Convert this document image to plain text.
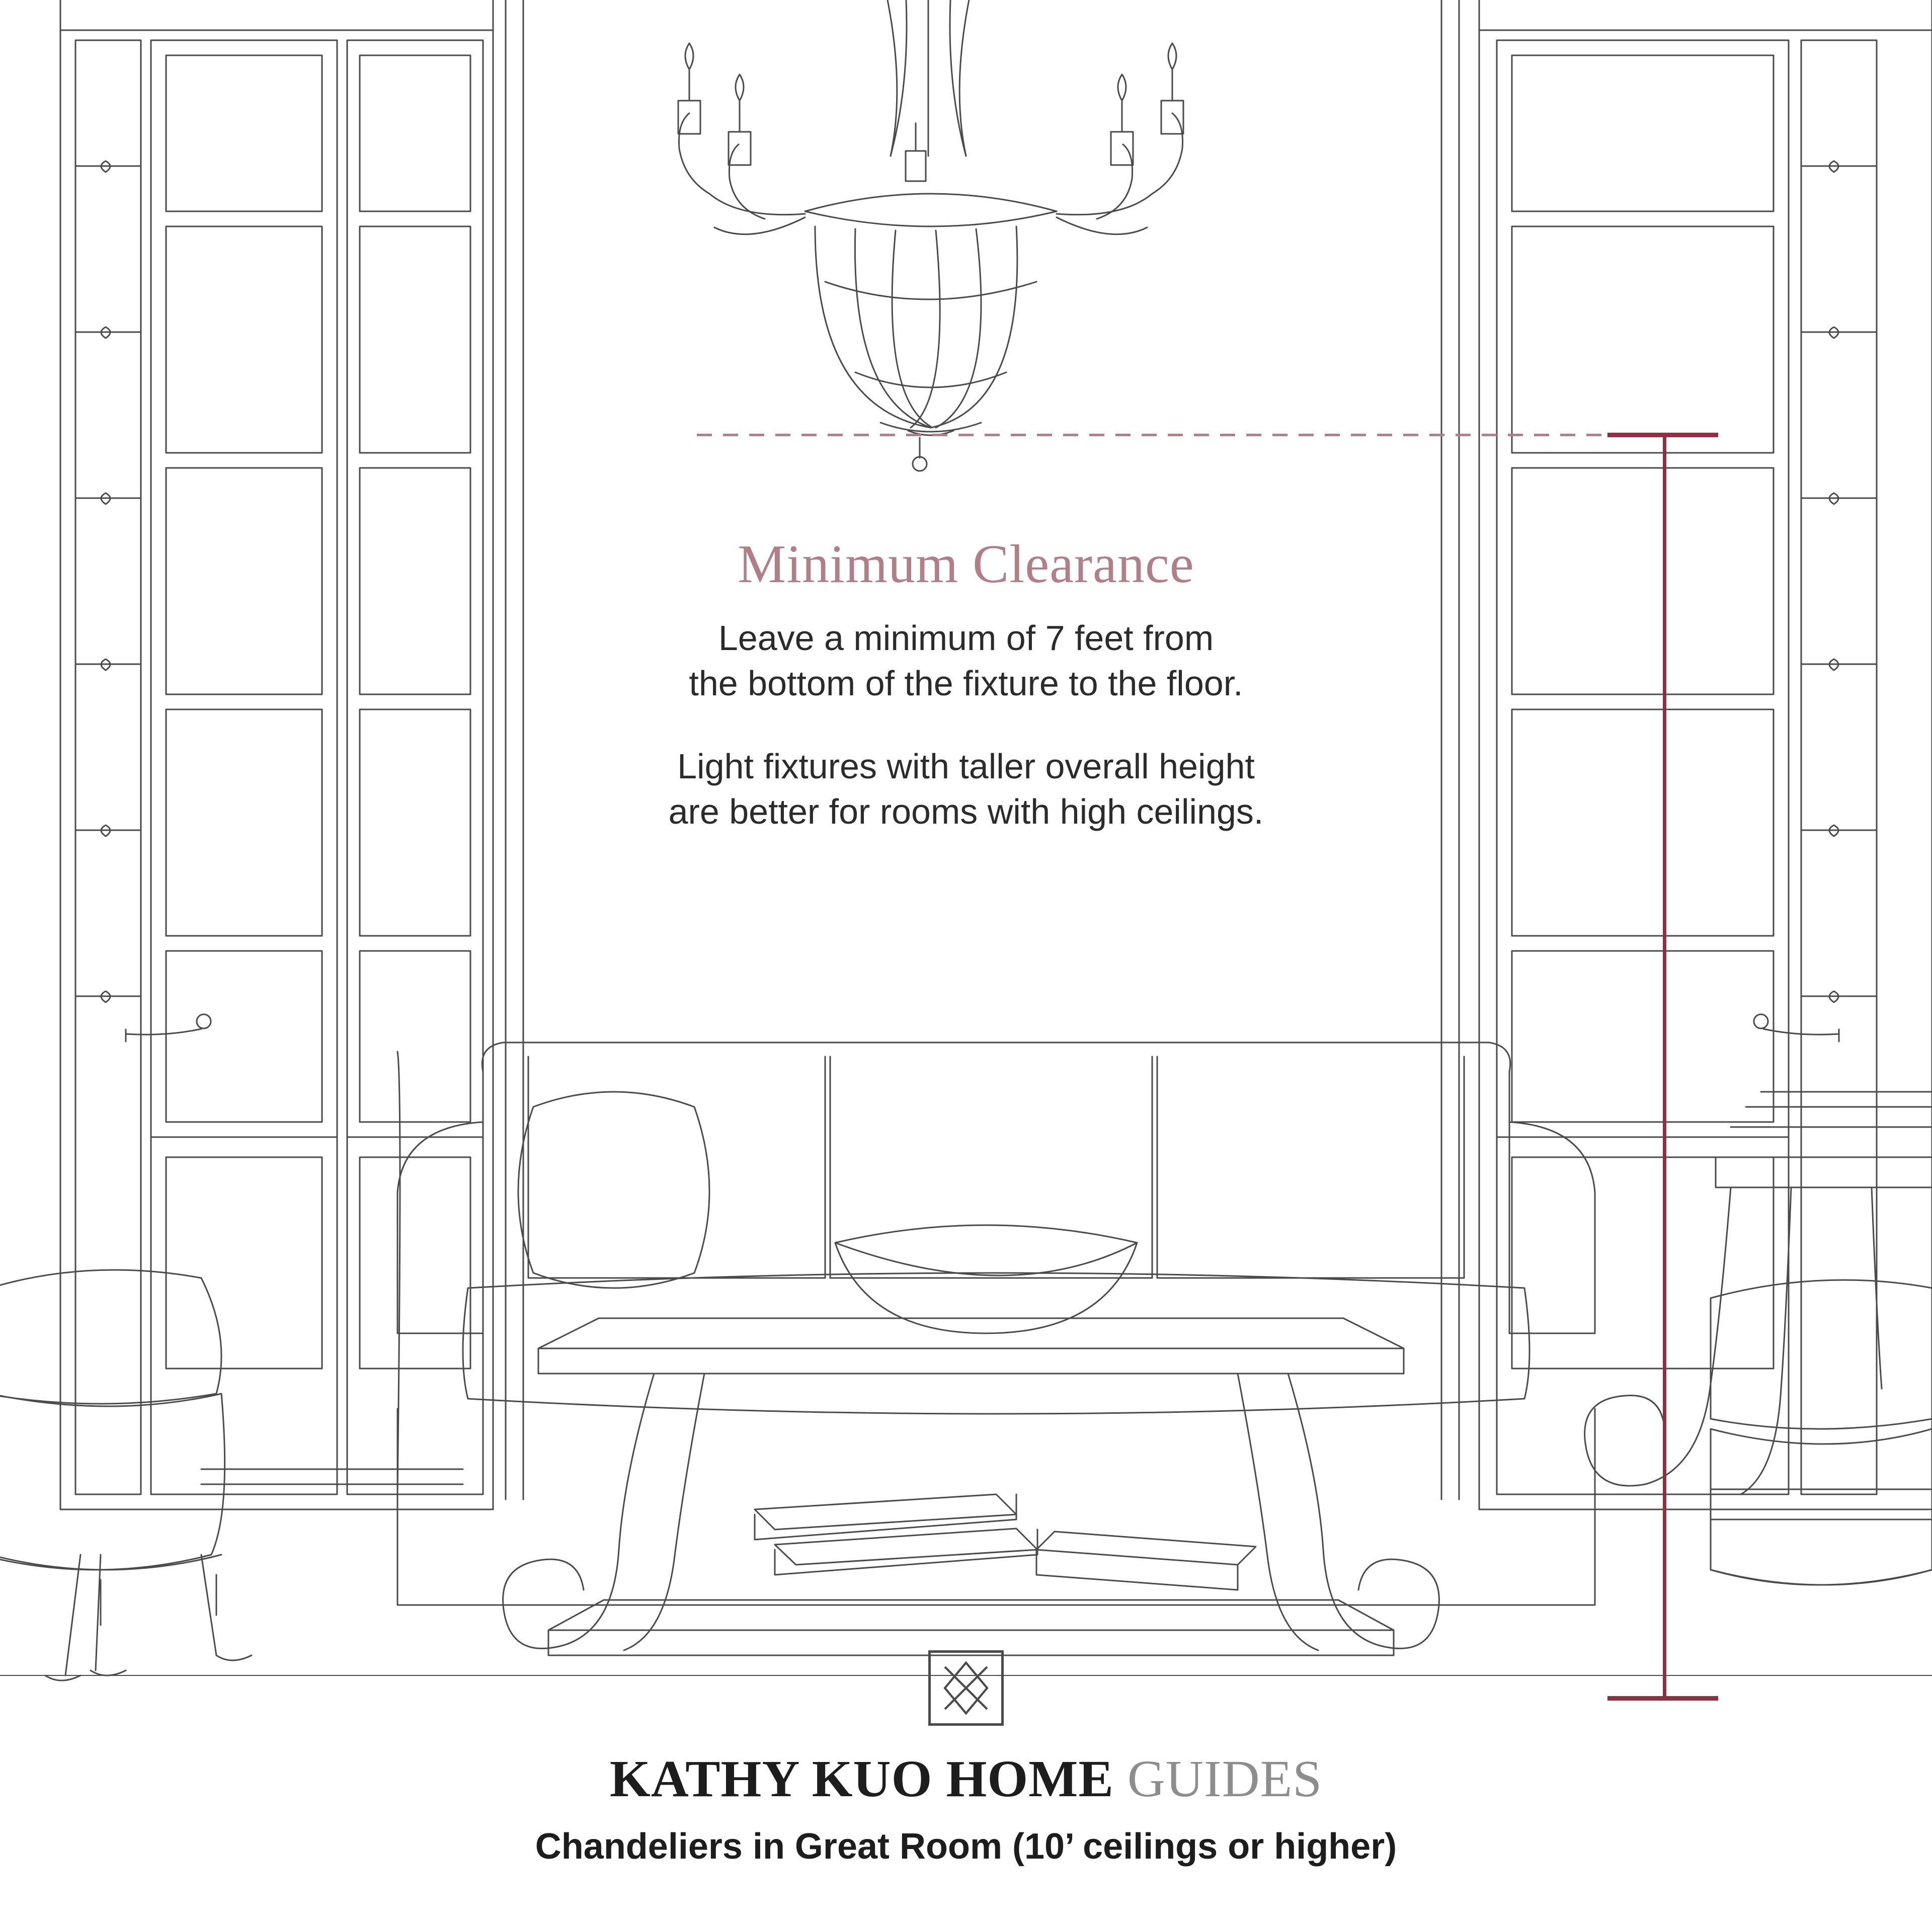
Minimum Clearance

Leave a minimum of 7 feet from

the bottom of the fixture to the floor.

Light fixtures with taller overall height

are better for rooms with high ceilings.

KATHY KUO HOME GUIDES

Chandeliers in Great Room (10’ ceilings or higher)
